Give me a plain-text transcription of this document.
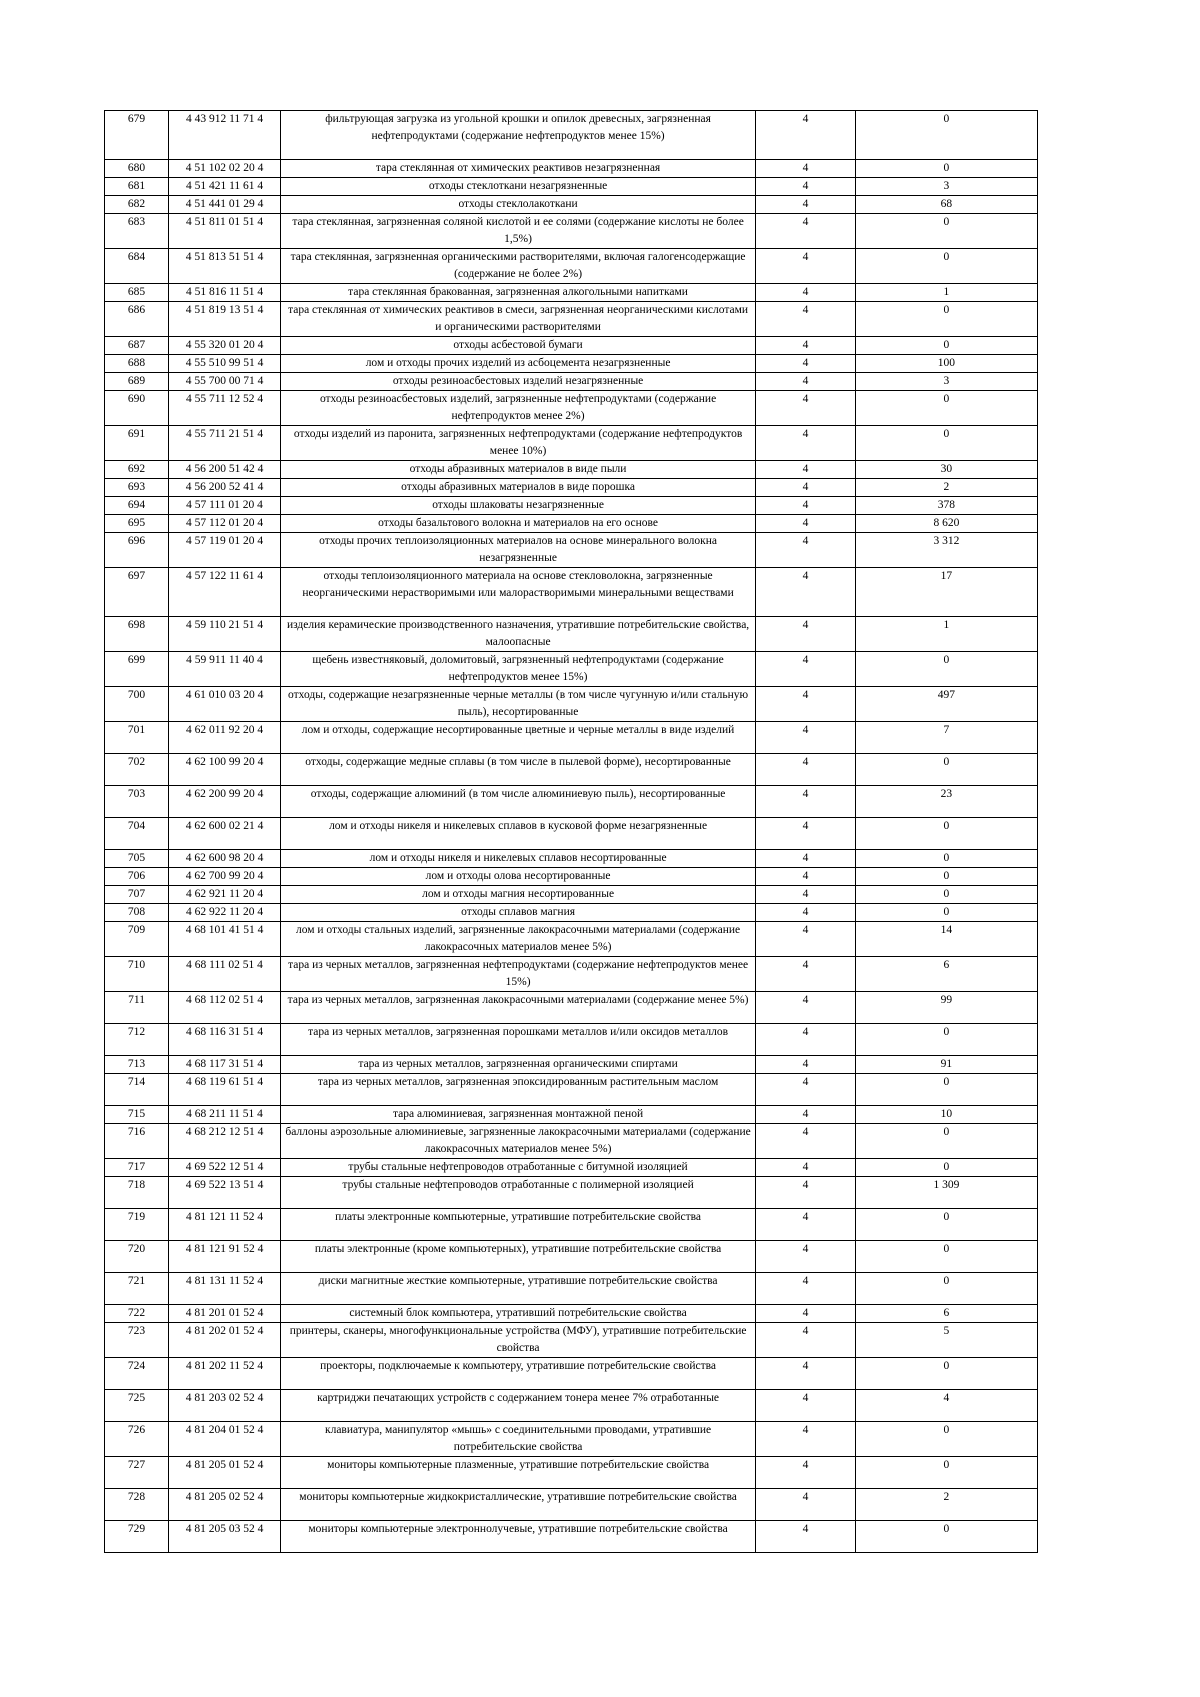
679	4 43 912 11 71 4	фильтрующая загрузка из угольной крошки и опилок древесных, загрязненная нефтепродуктами (содержание нефтепродуктов менее 15%)	4	0
680	4 51 102 02 20 4	тара стеклянная от химических реактивов незагрязненная	4	0
681	4 51 421 11 61 4	отходы стеклоткани незагрязненные	4	3
682	4 51 441 01 29 4	отходы стеклолакоткани	4	68
683	4 51 811 01 51 4	тара стеклянная, загрязненная соляной кислотой и ее солями (содержание кислоты не более 1,5%)	4	0
684	4 51 813 51 51 4	тара стеклянная, загрязненная органическими растворителями, включая галогенсодержащие (содержание не более 2%)	4	0
685	4 51 816 11 51 4	тара стеклянная бракованная, загрязненная алкогольными напитками	4	1
686	4 51 819 13 51 4	тара стеклянная от химических реактивов в смеси, загрязненная неорганическими кислотами и органическими растворителями	4	0
687	4 55 320 01 20 4	отходы асбестовой бумаги	4	0
688	4 55 510 99 51 4	лом и отходы прочих изделий из асбоцемента незагрязненные	4	100
689	4 55 700 00 71 4	отходы резиноасбестовых изделий незагрязненные	4	3
690	4 55 711 12 52 4	отходы резиноасбестовых изделий, загрязненные нефтепродуктами (содержание нефтепродуктов менее 2%)	4	0
691	4 55 711 21 51 4	отходы изделий из паронита, загрязненных нефтепродуктами (содержание нефтепродуктов менее 10%)	4	0
692	4 56 200 51 42 4	отходы абразивных материалов в виде пыли	4	30
693	4 56 200 52 41 4	отходы абразивных материалов в виде порошка	4	2
694	4 57 111 01 20 4	отходы шлаковаты незагрязненные	4	378
695	4 57 112 01 20 4	отходы базальтового волокна и материалов на его основе	4	8 620
696	4 57 119 01 20 4	отходы прочих теплоизоляционных материалов на основе минерального волокна незагрязненные	4	3 312
697	4 57 122 11 61 4	отходы теплоизоляционного материала на основе стекловолокна, загрязненные неорганическими нерастворимыми или малорастворимыми минеральными веществами	4	17
698	4 59 110 21 51 4	изделия керамические производственного назначения, утратившие потребительские свойства, малоопасные	4	1
699	4 59 911 11 40 4	щебень известняковый, доломитовый, загрязненный нефтепродуктами (содержание нефтепродуктов менее 15%)	4	0
700	4 61 010 03 20 4	отходы, содержащие незагрязненные черные металлы (в том числе чугунную и/или стальную пыль), несортированные	4	497
701	4 62 011 92 20 4	лом и отходы, содержащие несортированные цветные и черные металлы в виде изделий	4	7
702	4 62 100 99 20 4	отходы, содержащие медные сплавы (в том числе в пылевой форме), несортированные	4	0
703	4 62 200 99 20 4	отходы, содержащие алюминий (в том числе алюминиевую пыль), несортированные	4	23
704	4 62 600 02 21 4	лом и отходы никеля и никелевых сплавов в кусковой форме незагрязненные	4	0
705	4 62 600 98 20 4	лом и отходы никеля и никелевых сплавов несортированные	4	0
706	4 62 700 99 20 4	лом и отходы олова несортированные	4	0
707	4 62 921 11 20 4	лом и отходы магния несортированные	4	0
708	4 62 922 11 20 4	отходы сплавов магния	4	0
709	4 68 101 41 51 4	лом и отходы стальных изделий, загрязненные лакокрасочными материалами (содержание лакокрасочных материалов менее 5%)	4	14
710	4 68 111 02 51 4	тара из черных металлов, загрязненная нефтепродуктами (содержание нефтепродуктов менее 15%)	4	6
711	4 68 112 02 51 4	тара из черных металлов, загрязненная лакокрасочными материалами (содержание менее 5%)	4	99
712	4 68 116 31 51 4	тара из черных металлов, загрязненная порошками металлов и/или оксидов металлов	4	0
713	4 68 117 31 51 4	тара из черных металлов, загрязненная органическими спиртами	4	91
714	4 68 119 61 51 4	тара из черных металлов, загрязненная эпоксидированным растительным маслом	4	0
715	4 68 211 11 51 4	тара алюминиевая, загрязненная монтажной пеной	4	10
716	4 68 212 12 51 4	баллоны аэрозольные алюминиевые, загрязненные лакокрасочными материалами (содержание лакокрасочных материалов менее 5%)	4	0
717	4 69 522 12 51 4	трубы стальные нефтепроводов отработанные с битумной изоляцией	4	0
718	4 69 522 13 51 4	трубы стальные нефтепроводов отработанные с полимерной изоляцией	4	1 309
719	4 81 121 11 52 4	платы электронные компьютерные, утратившие потребительские свойства	4	0
720	4 81 121 91 52 4	платы электронные (кроме компьютерных), утратившие потребительские свойства	4	0
721	4 81 131 11 52 4	диски магнитные жесткие компьютерные, утратившие потребительские свойства	4	0
722	4 81 201 01 52 4	системный блок компьютера, утративший потребительские свойства	4	6
723	4 81 202 01 52 4	принтеры, сканеры, многофункциональные устройства (МФУ), утратившие потребительские свойства	4	5
724	4 81 202 11 52 4	проекторы, подключаемые к компьютеру, утратившие потребительские свойства	4	0
725	4 81 203 02 52 4	картриджи печатающих устройств с содержанием тонера менее 7% отработанные	4	4
726	4 81 204 01 52 4	клавиатура, манипулятор «мышь» с соединительными проводами, утратившие потребительские свойства	4	0
727	4 81 205 01 52 4	мониторы компьютерные плазменные, утратившие потребительские свойства	4	0
728	4 81 205 02 52 4	мониторы компьютерные жидкокристаллические, утратившие потребительские свойства	4	2
729	4 81 205 03 52 4	мониторы компьютерные электроннолучевые, утратившие потребительские свойства	4	0
